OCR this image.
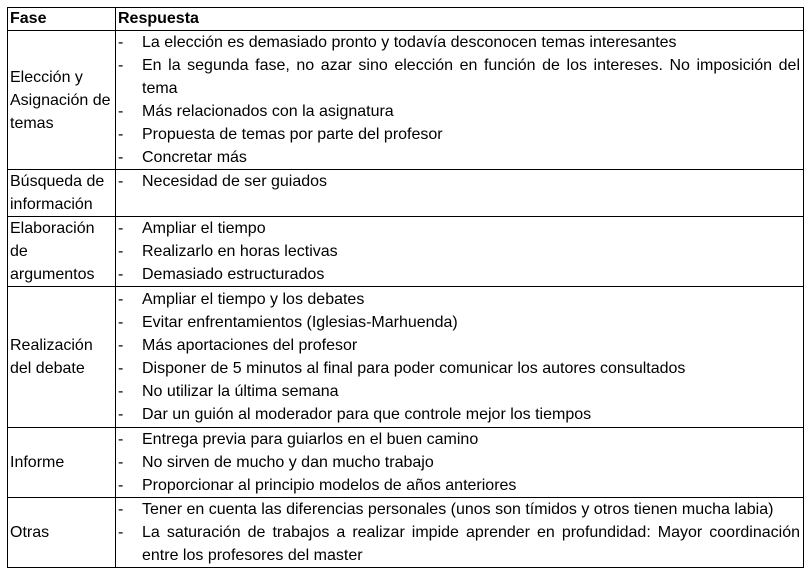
Fase	Respuesta
Elección y Asignación de temas	
- La elección es demasiado pronto y todavía desconocen temas interesantes
- En la segunda fase, no azar sino elección en función de los intereses. No imposición del tema
- Más relacionados con la asignatura
- Propuesta de temas por parte del profesor
- Concretar más

Búsqueda de información	
- Necesidad de ser guiados

Elaboración de argumentos	
- Ampliar el tiempo
- Realizarlo en horas lectivas
- Demasiado estructurados

Realización del debate	
- Ampliar el tiempo y los debates
- Evitar enfrentamientos (Iglesias-Marhuenda)
- Más aportaciones del profesor
- Disponer de 5 minutos al final para poder comunicar los autores consultados
- No utilizar la última semana
- Dar un guión al moderador para que controle mejor los tiempos

Informe	
- Entrega previa para guiarlos en el buen camino
- No sirven de mucho y dan mucho trabajo
- Proporcionar al principio modelos de años anteriores

Otras	
- Tener en cuenta las diferencias personales (unos son tímidos y otros tienen mucha labia)
- La saturación de trabajos a realizar impide aprender en profundidad: Mayor coordinación entre los profesores del master
